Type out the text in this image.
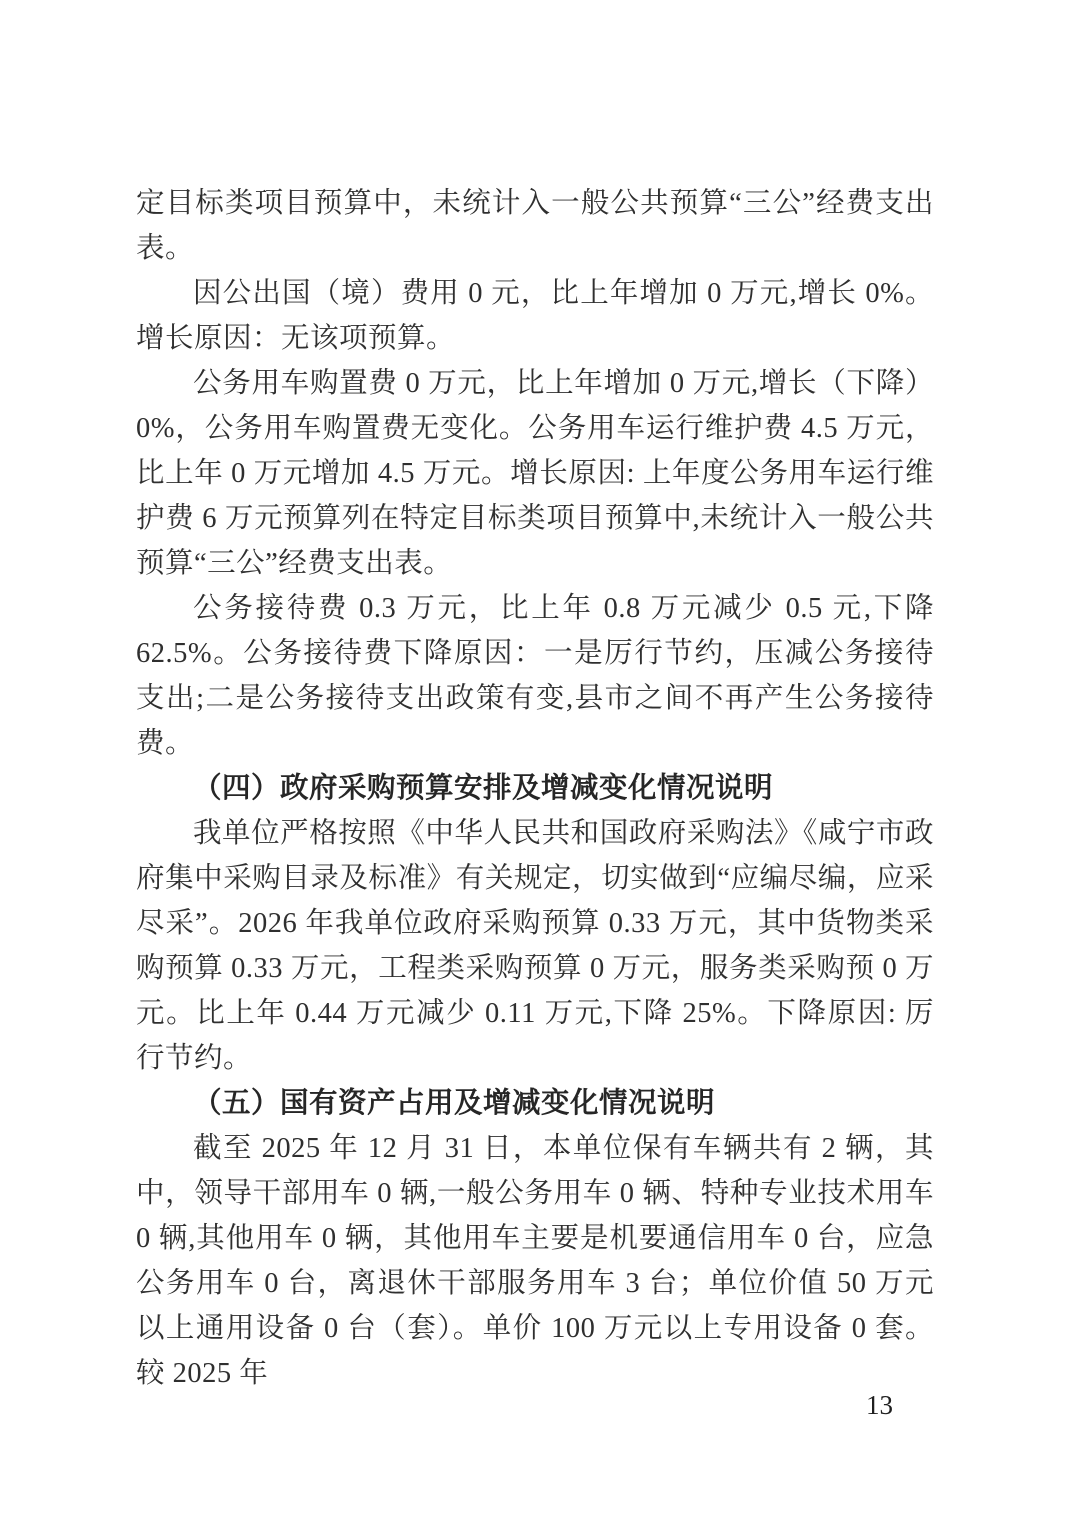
定目标类项目预算中，未统计入一般公共预算“三公”经费支出表。

因公出国（境）费用 0 元，比上年增加 0 万元,增长 0%。增长原因：无该项预算。

公务用车购置费 0 万元，比上年增加 0 万元,增长（下降）0%，公务用车购置费无变化。公务用车运行维护费 4.5 万元，比上年 0 万元增加 4.5 万元。增长原因: 上年度公务用车运行维护费 6 万元预算列在特定目标类项目预算中,未统计入一般公共预算“三公”经费支出表。

公务接待费 0.3 万元，比上年 0.8 万元减少 0.5 元,下降 62.5%。公务接待费下降原因：一是厉行节约，压减公务接待支出;二是公务接待支出政策有变,县市之间不再产生公务接待费。

（四）政府采购预算安排及增减变化情况说明

我单位严格按照《中华人民共和国政府采购法》《咸宁市政府集中采购目录及标准》有关规定，切实做到“应编尽编，应采尽采”。2026 年我单位政府采购预算 0.33 万元，其中货物类采购预算 0.33 万元，工程类采购预算 0 万元，服务类采购预 0 万元。比上年 0.44 万元减少 0.11 万元,下降 25%。下降原因: 厉行节约。

（五）国有资产占用及增减变化情况说明

截至 2025 年 12 月 31 日，本单位保有车辆共有 2 辆，其中，领导干部用车 0 辆,一般公务用车 0 辆、特种专业技术用车 0 辆,其他用车 0 辆，其他用车主要是机要通信用车 0 台，应急公务用车 0 台，离退休干部服务用车 3 台；单位价值 50 万元以上通用设备 0 台（套）。单价 100 万元以上专用设备 0 套。较 2025 年

13
